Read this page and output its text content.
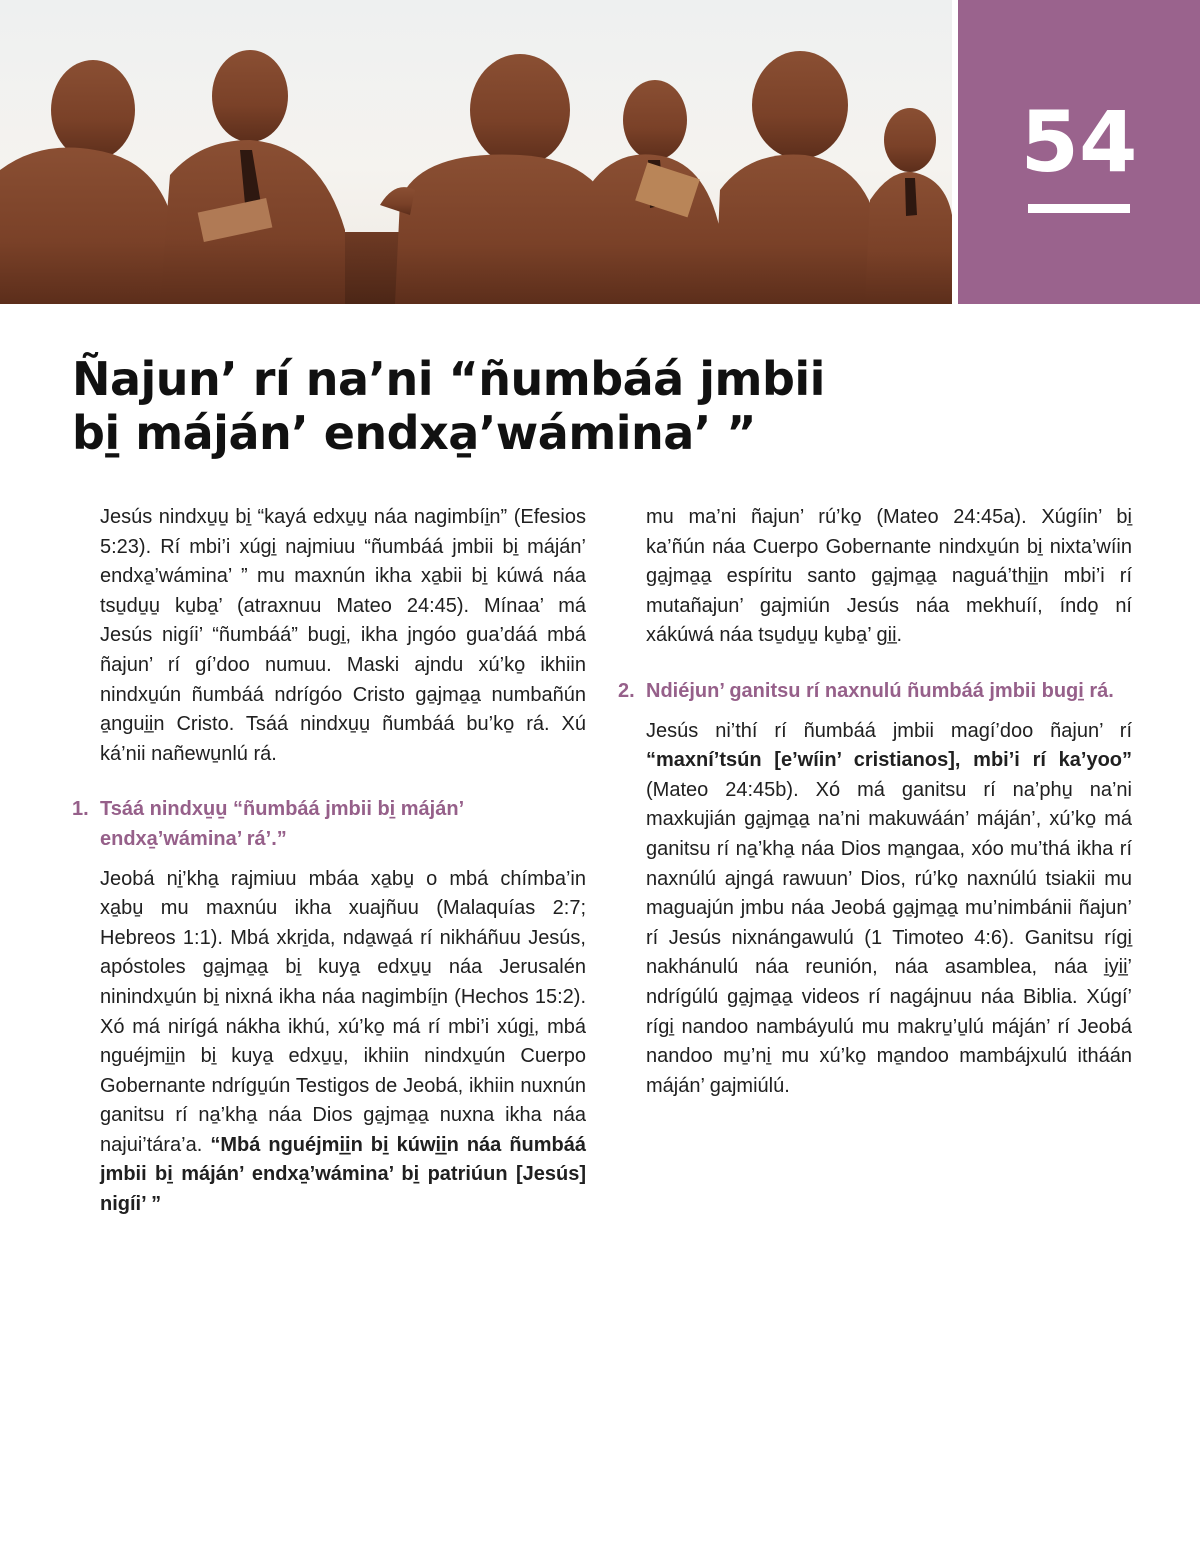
54
Ñajun’ rí na’ni “ñumbáá jmbii
bi̱ máján’ endxa̱’wámina’ ”

Jesús nindxu̱u̱ bi̱ “kayá edxu̱u̱ náa nagimbíi̱n” (Efesios 5:23). Rí mbi’i xúgi̱ najmiuu “ñumbáá jmbii bi̱ máján’ endxa̱’wámina’ ” mu maxnún ikha xa̱bii bi̱ kúwá náa tsu̱du̱u̱ ku̱ba̱’ (atraxnuu Mateo 24:45). Mínaa’ má Jesús nigíi’ “ñumbáá” bugi̱, ikha jngóo gua’dáá mbá ñajun’ rí gí’doo numuu. Maski ajndu xú’ko̱ ikhiin nindxu̱ún ñumbáá ndrígóo Cristo ga̱jma̱a̱ numbañún a̱ngui̱i̱n Cristo. Tsáá nindxu̱u̱ ñumbáá bu’ko̱ rá. Xú ká’nii nañewu̱nlú rá.

1. Tsáá nindxu̱u̱ “ñumbáá jmbii bi̱ máján’ endxa̱’wámina’ rá’.”

Jeobá ni̱’kha̱ rajmiuu mbáa xa̱bu̱ o mbá chímba’in xa̱bu̱ mu maxnúu ikha xuajñuu (Malaquías 2:7; Hebreos 1:1). Mbá xkri̱da, nda̱wa̱á rí nikháñuu Jesús, apóstoles ga̱jma̱a̱ bi̱ kuya̱ edxu̱u̱ náa Jerusalén ninindxu̱ún bi̱ nixná ikha náa nagimbíi̱n (Hechos 15:2). Xó má nirígá nákha ikhú, xú’ko̱ má rí mbi’i xúgi̱, mbá nguéjmi̱i̱n bi̱ kuya̱ edxu̱u̱, ikhiin nindxu̱ún Cuerpo Gobernante ndrígu̱ún Testigos de Jeobá, ikhiin nuxnún ganitsu rí na̱’kha̱ náa Dios ga̱jma̱a̱ nuxna ikha náa najui’tára’a. “Mbá nguéjmi̱i̱n bi̱ kúwi̱i̱n náa ñumbáá jmbii bi̱ máján’ endxa̱’wámina’ bi̱ patriúun [Jesús] nigíi’ ”

mu ma’ni ñajun’ rú’ko̱ (Mateo 24:45a). Xúgíin’ bi̱ ka’ñún náa Cuerpo Gobernante nindxu̱ún bi̱ nixta’wíin ga̱jma̱a̱ espíritu santo ga̱jma̱a̱ naguá’thi̱i̱n mbi’i rí mutañajun’ gajmiún Jesús náa mekhuíí, índo̱ ní xákúwá náa tsu̱du̱u̱ ku̱ba̱’ gi̱i̱.

2. Ndiéjun’ ganitsu rí naxnulú ñumbáá jmbii bugi̱ rá.

Jesús ni’thí rí ñumbáá jmbii magí’doo ñajun’ rí “maxní’tsún [e’wíin’ cristianos], mbi’i rí ka’yoo” (Mateo 24:45b). Xó má ganitsu rí na’phu̱ na’ni maxkujián ga̱jma̱a̱ na’ni makuwáán’ máján’, xú’ko̱ má ganitsu rí na̱’kha̱ náa Dios ma̱ngaa, xóo mu’thá ikha rí naxnúlú ajngá rawuun’ Dios, rú’ko̱ naxnúlú tsiakii mu maguajún jmbu náa Jeobá ga̱jma̱a̱ mu’nimbánii ñajun’ rí Jesús nixnángawulú (1 Timoteo 4:6). Ganitsu rígi̱ nakhánulú náa reunión, náa asamblea, náa i̱yi̱i̱’ ndrígúlú ga̱jma̱a̱ videos rí nagájnuu náa Biblia. Xúgí’ rígi̱ nandoo nambáyulú mu makru̱’u̱lú máján’ rí Jeobá nandoo mu̱’ni̱ mu xú’ko̱ ma̱ndoo mambájxulú itháán máján’ gajmiúlú.
